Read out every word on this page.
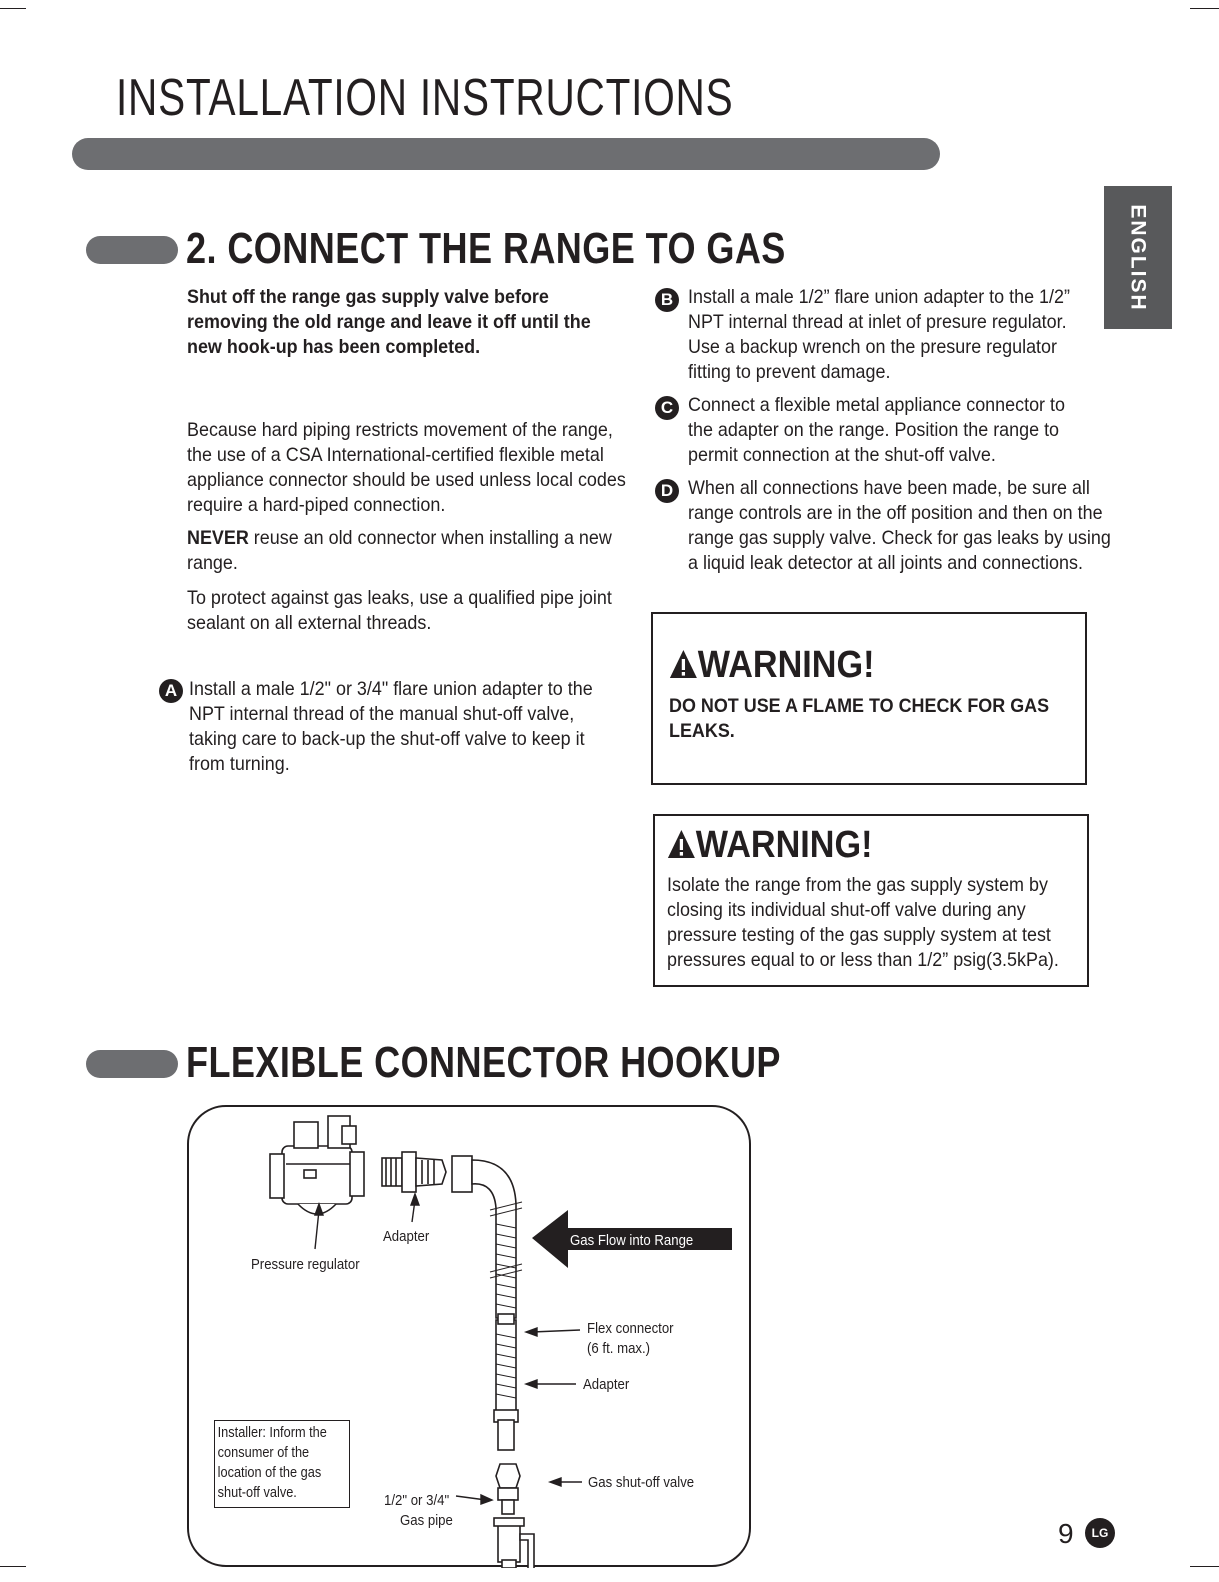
INSTALLATION INSTRUCTIONS
ENGLISH
2. CONNECT THE RANGE TO GAS
Shut off the range gas supply valve before removing the old range and leave it off until the new hook-up has been completed.
Because hard piping restricts movement of the range, the use of a CSA International-certified flexible metal appliance connector should be used unless local codes require a hard-piped connection.
NEVER reuse an old connector when installing a new range.
To protect against gas leaks, use a qualified pipe joint sealant on all external threads.
A Install a male 1/2" or 3/4" flare union adapter to the NPT internal thread of the manual shut-off valve, taking care to back-up the shut-off valve to keep it from turning.
B Install a male 1/2” flare union adapter to the 1/2” NPT internal thread at inlet of presure regulator. Use a backup wrench on the presure regulator fitting to prevent damage.
C Connect a flexible metal appliance connector to the adapter on the range. Position the range to permit connection at the shut-off valve.
D When all connections have been made, be sure all range controls are in the off position and then on the range gas supply valve. Check for gas leaks by using a liquid leak detector at all joints and connections.
WARNING!
DO NOT USE A FLAME TO CHECK FOR GAS LEAKS.
WARNING!
Isolate the range from the gas supply system by closing its individual shut-off valve during any pressure testing of the gas supply system at test pressures equal to or less than 1/2” psig(3.5kPa).
FLEXIBLE CONNECTOR HOOKUP
Pressure regulator
Adapter	Gas Flow into Range
Flex connector
(6 ft. max.)
Adapter
Gas shut-off valve
1/2" or 3/4"
Gas pipe
Installer: Inform the consumer of the location of the gas shut-off valve.
9	LG
